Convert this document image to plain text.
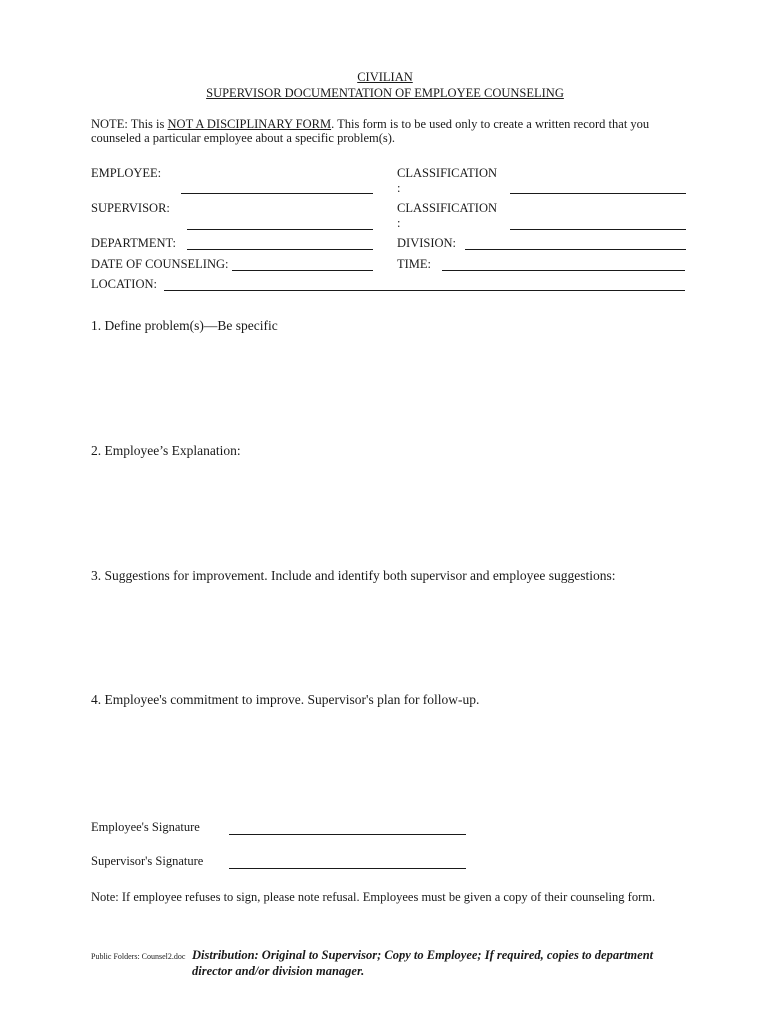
CIVILIAN
SUPERVISOR DOCUMENTATION OF EMPLOYEE COUNSELING
NOTE: This is NOT A DISCIPLINARY FORM. This form is to be used only to create a written record that you
counseled a particular employee about a specific problem(s).
EMPLOYEE:	CLASSIFICATION
:
SUPERVISOR:	CLASSIFICATION
:
DEPARTMENT:	DIVISION:
DATE OF COUNSELING:	TIME:
LOCATION:
1. Define problem(s)—Be specific
2. Employee’s Explanation:
3. Suggestions for improvement. Include and identify both supervisor and employee suggestions:
4. Employee's commitment to improve. Supervisor's plan for follow-up.
Employee's Signature
Supervisor's Signature
Note: If employee refuses to sign, please note refusal. Employees must be given a copy of their counseling form.
Public Folders: Counsel2.doc Distribution: Original to Supervisor; Copy to Employee; If required, copies to department
director and/or division manager.
